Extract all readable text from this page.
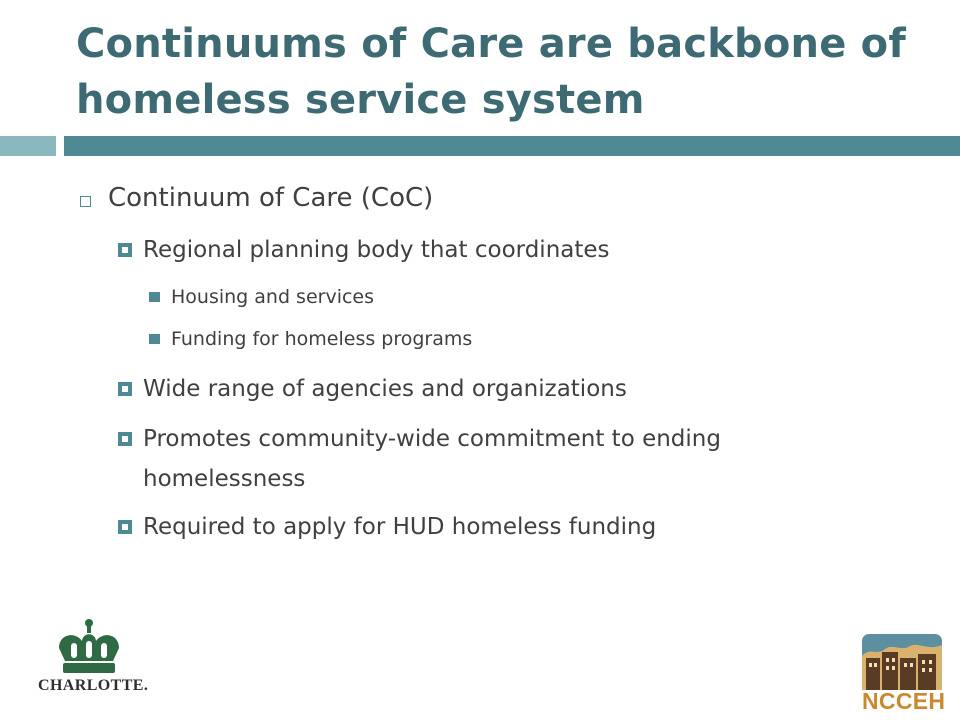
Continuums of Care are backbone of
homeless service system

Continuum of Care (CoC)

Regional planning body that coordinates

Housing and services

Funding for homeless programs

Wide range of agencies and organizations

Promotes community-wide commitment to ending

homelessness

Required to apply for HUD homeless funding

CHARLOTTE.
NCCEH
